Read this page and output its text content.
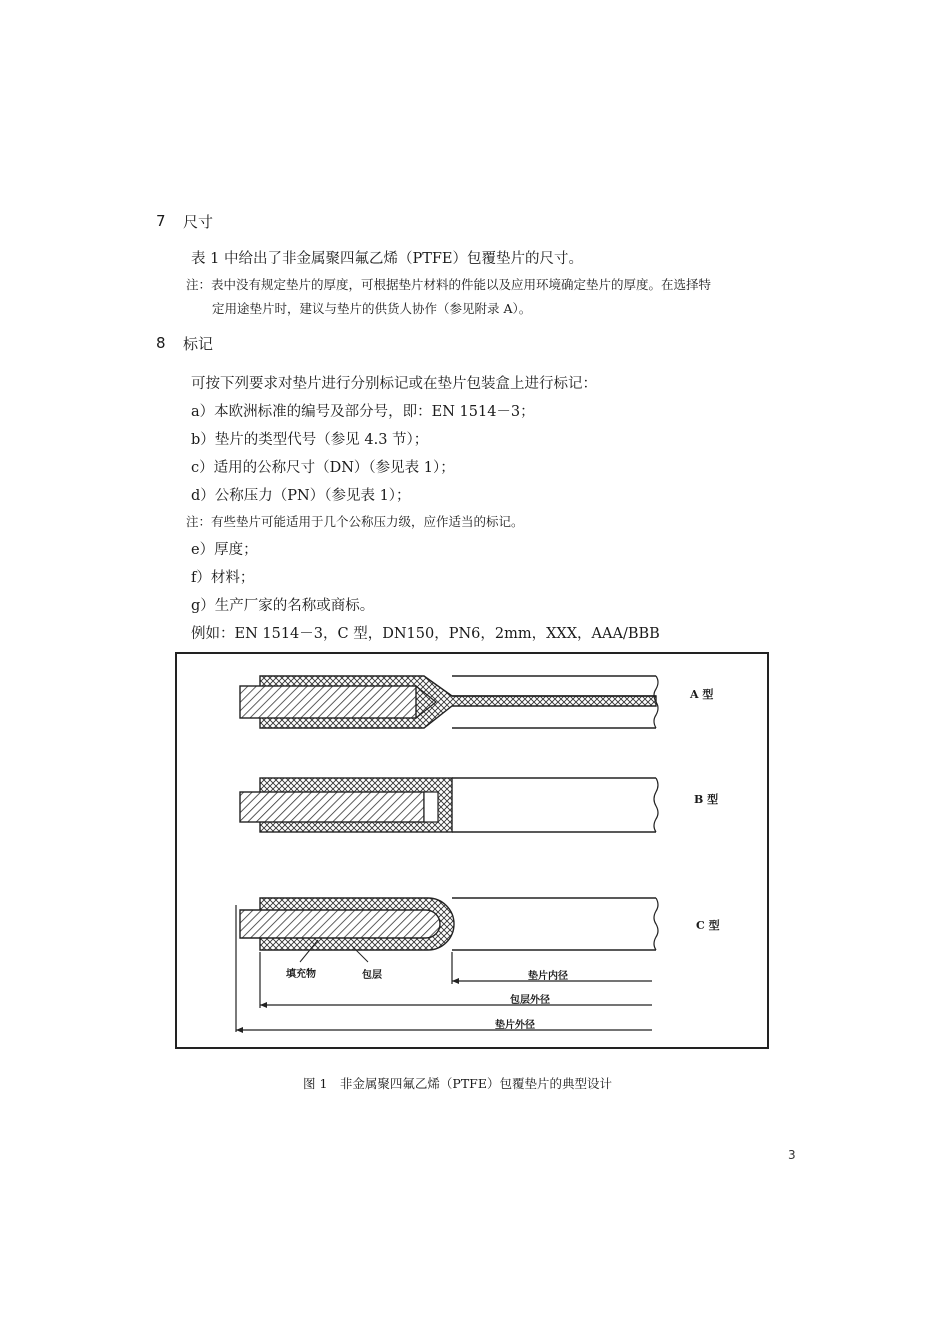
7 尺寸
表 1 中给出了非金属聚四氟乙烯（PTFE）包覆垫片的尺寸。
注：表中没有规定垫片的厚度，可根据垫片材料的件能以及应用环境确定垫片的厚度。在选择特
定用途垫片时，建议与垫片的供货人协作（参见附录 A）。
8 标记
可按下列要求对垫片进行分别标记或在垫片包装盒上进行标记：
a）本欧洲标准的编号及部分号，即：EN 1514－3；
b）垫片的类型代号（参见 4.3 节）；
c）适用的公称尺寸（DN）（参见表 1）；
d）公称压力（PN）（参见表 1）；
注：有些垫片可能适用于几个公称压力级，应作适当的标记。
e）厚度；
f）材料；
g）生产厂家的名称或商标。
例如：EN 1514－3，C 型，DN150，PN6，2mm，XXX，AAA/BBB
A 型
B 型
C 型
填充物	包层	垫片内径
包层外径
垫片外径
图 1　非金属聚四氟乙烯（PTFE）包覆垫片的典型设计
3
